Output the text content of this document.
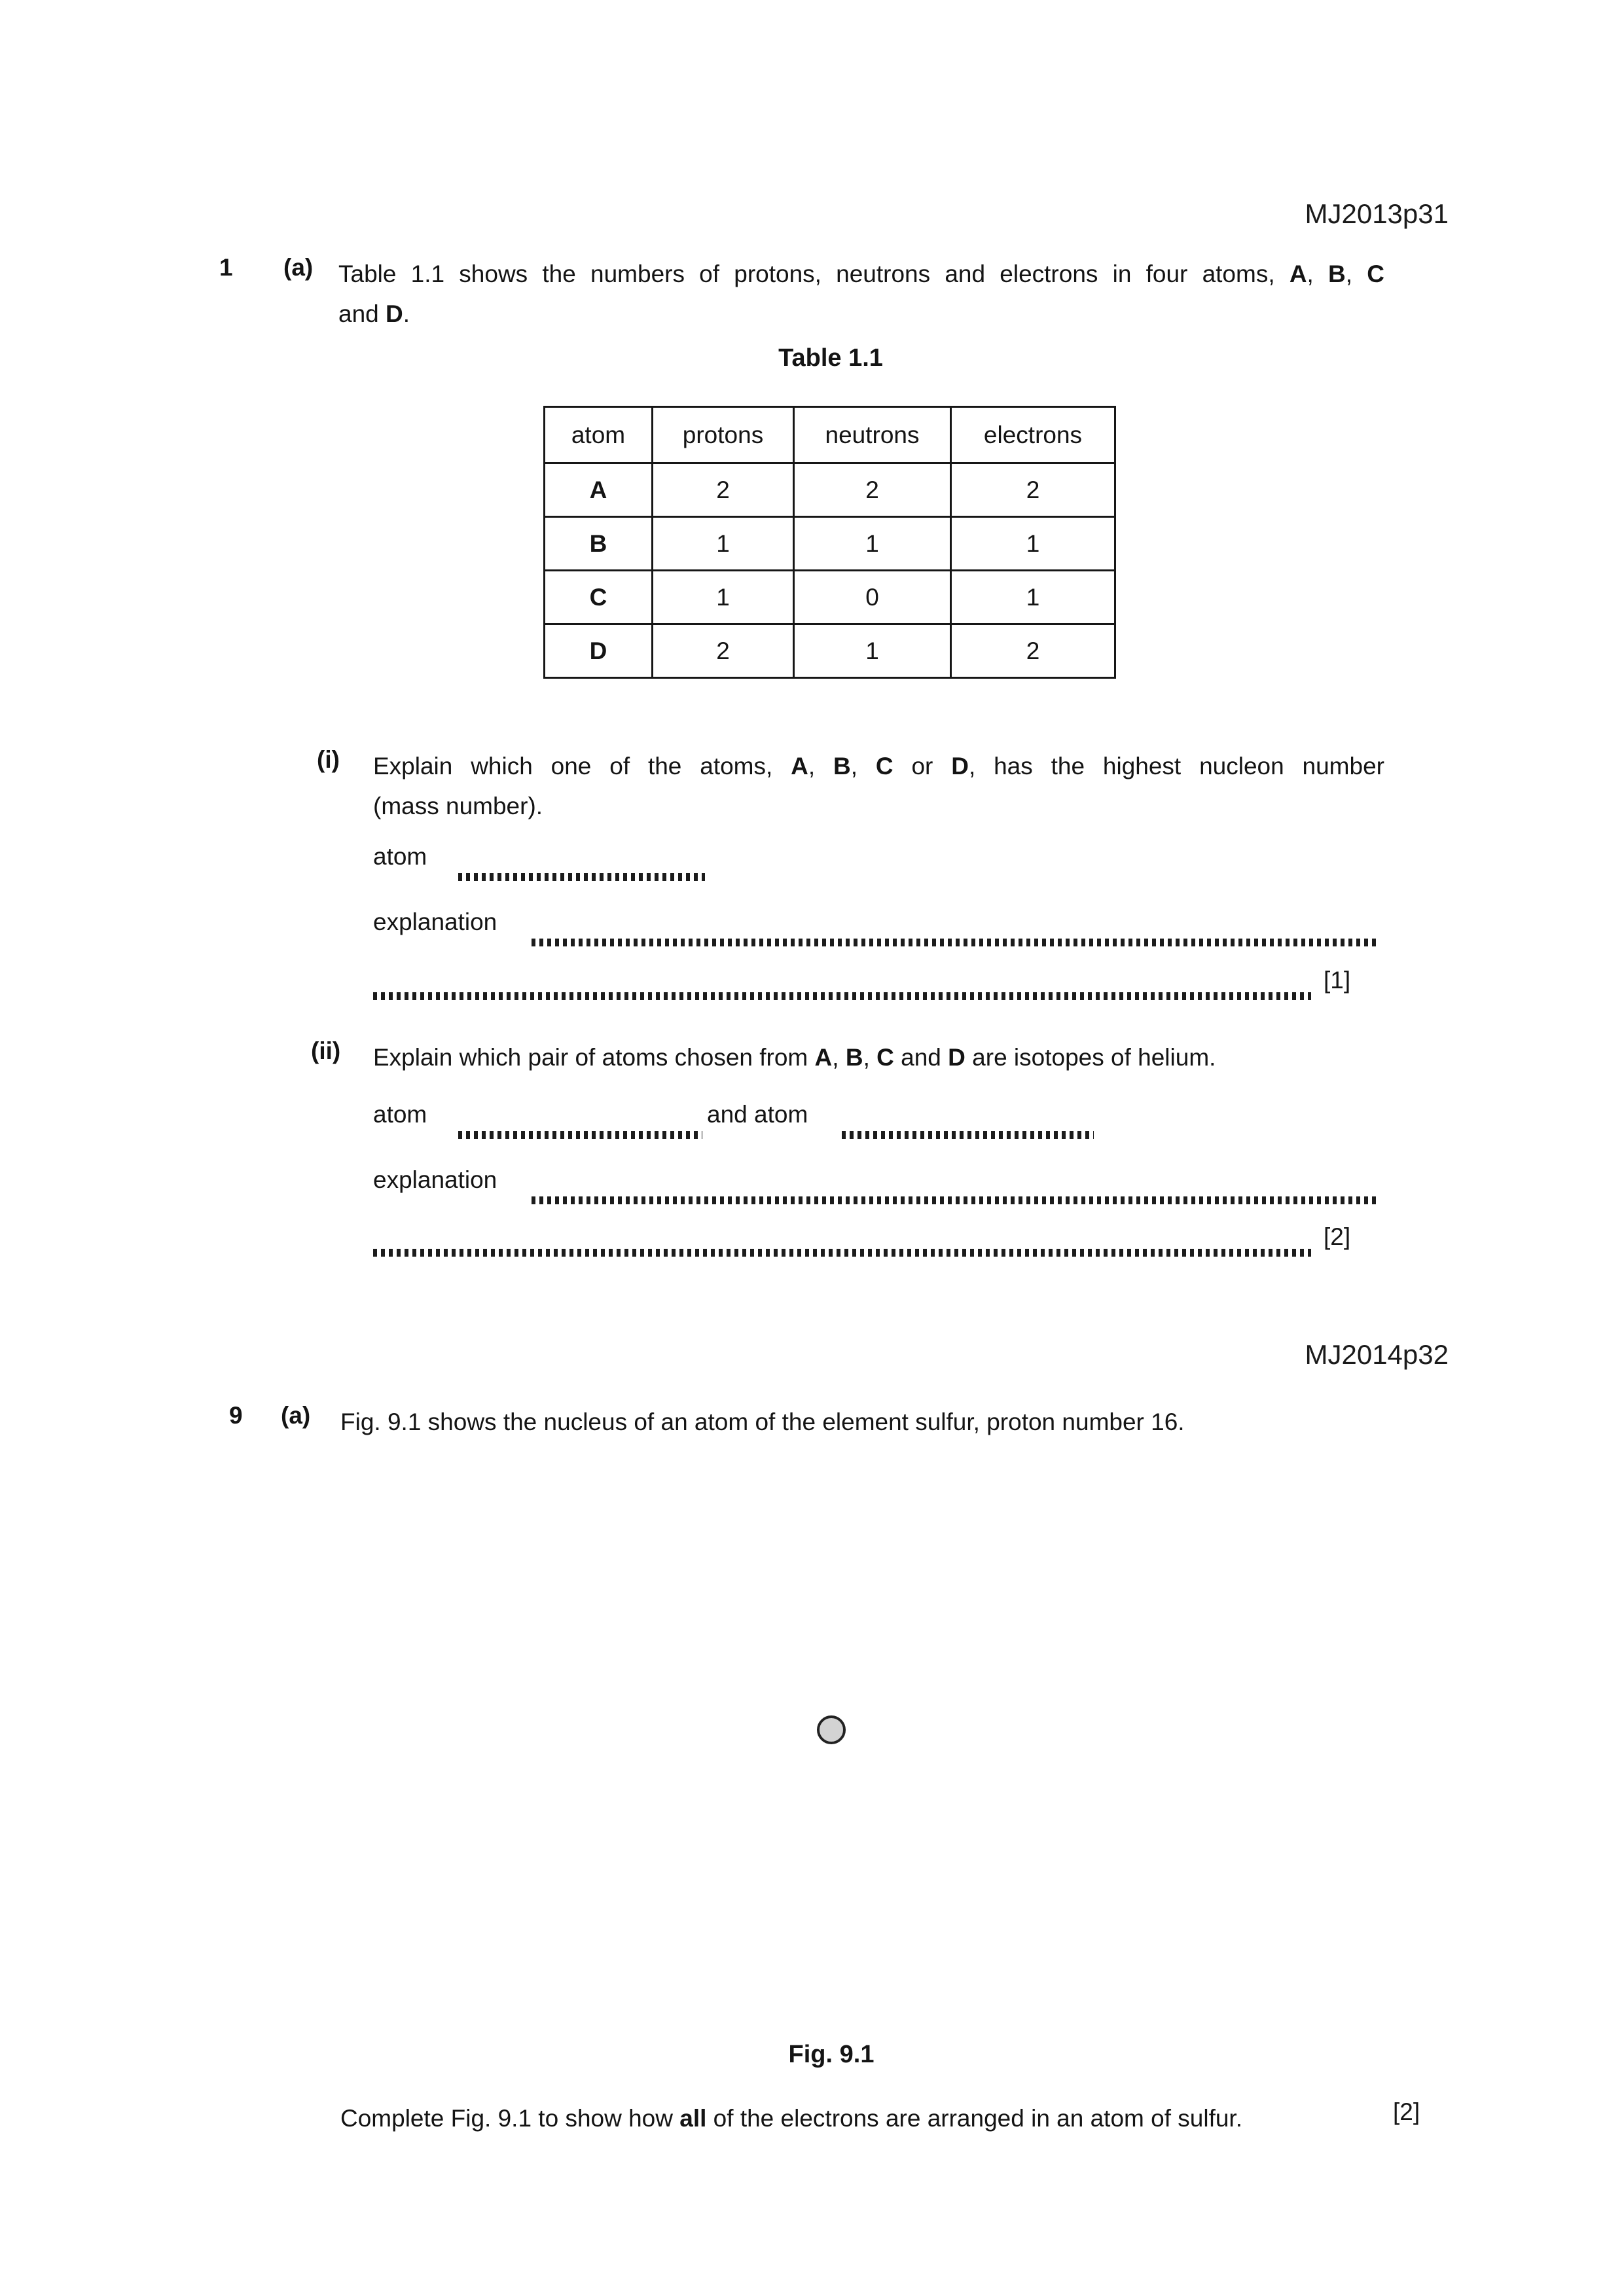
MJ2013p31
1 (a) Table 1.1 shows the numbers of protons, neutrons and electrons in four atoms, A, B, C
and D.
Table 1.1
atom	protons	neutrons	electrons
A	2	2	2
B	1	1	1
C	1	0	1
D	2	1	2
(i) Explain which one of the atoms, A, B, C or D, has the highest nucleon number
(mass number).
atom
explanation
[1]
(ii) Explain which pair of atoms chosen from A, B, C and D are isotopes of helium.
atom	and atom
explanation
[2]
MJ2014p32
9 (a) Fig. 9.1 shows the nucleus of an atom of the element sulfur, proton number 16.
Fig. 9.1
Complete Fig. 9.1 to show how all of the electrons are arranged in an atom of sulfur.	[2]
